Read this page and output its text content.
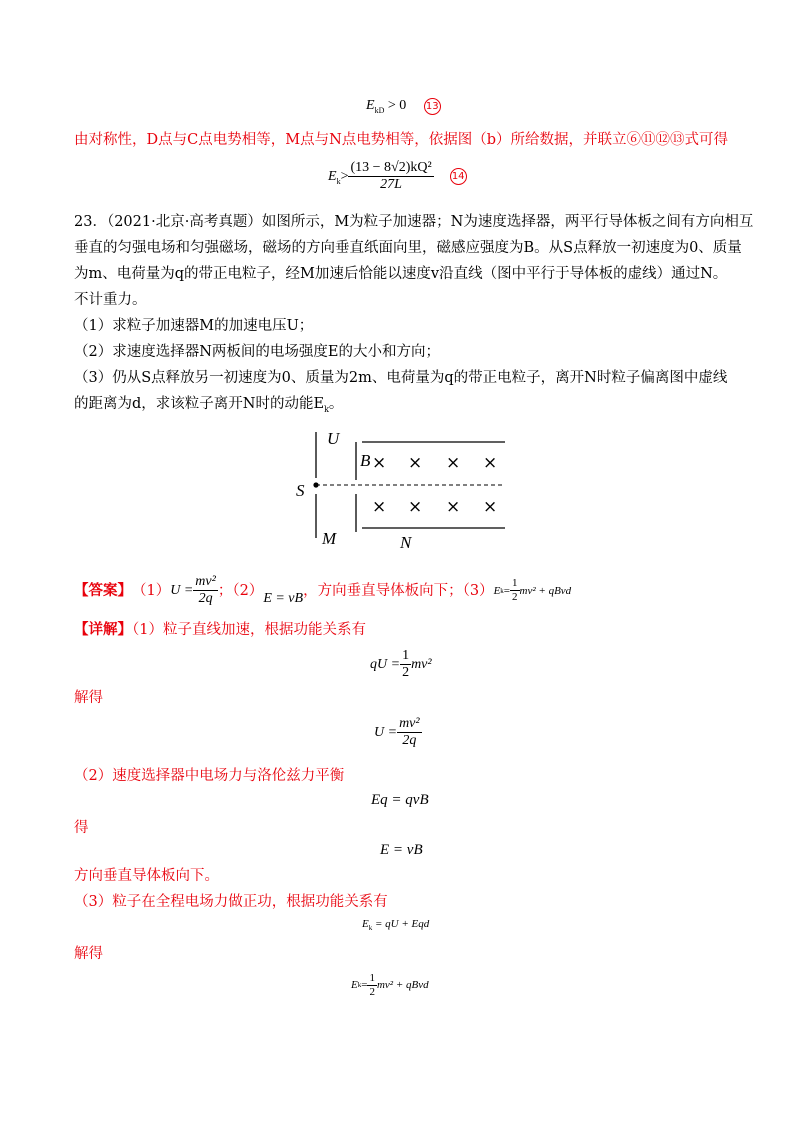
$E_{kD} > 0$ 13
由对称性，D点与C点电势相等，M点与N点电势相等，依据图（b）所给数据，并联立⑥⑪⑫⑬式可得
$E_k > \frac{\text{(13 − 8√2)kQ²}}{27L} 14$
23．（2021·北京·高考真题）如图所示，M为粒子加速器；N为速度选择器，两平行导体板之间有方向相互
垂直的匀强电场和匀强磁场，磁场的方向垂直纸面向里，磁感应强度为B。从S点释放一初速度为0、质量
为m、电荷量为q的带正电粒子，经M加速后恰能以速度v沿直线（图中平行于导体板的虚线）通过N。
不计重力。
（1）求粒子加速器M的加速电压U；
（2）求速度选择器N两板间的电场强度E的大小和方向；
（3）仍从S点释放另一初速度为0、质量为2m、电荷量为q的带正电粒子，离开N时粒子偏离图中虚线
的距离为d，求该粒子离开N时的动能$E_k$。
U
B
S
M	N
× × × ×
× × × ×
【答案】 （1） $U = \frac{\text{mv²}}{2q}$ ；（2） E = vB ，方向垂直导体板向下；（3） E $k = \frac{1}{2} mv^2$ + qBvd
【详解】（1）粒子直线加速，根据功能关系有
qU = $\frac{1}{2} mv^2$
解得
$U = \frac{\text{mv²}}{2q}$
（2）速度选择器中电场力与洛伦兹力平衡
Eq = qvB
得
E = vB
方向垂直导体板向下。
（3）粒子在全程电场力做正功，根据功能关系有
$E_k$ = qU + Eqd
解得
E $k = \frac{1}{2} mv^2$ + qBvd
